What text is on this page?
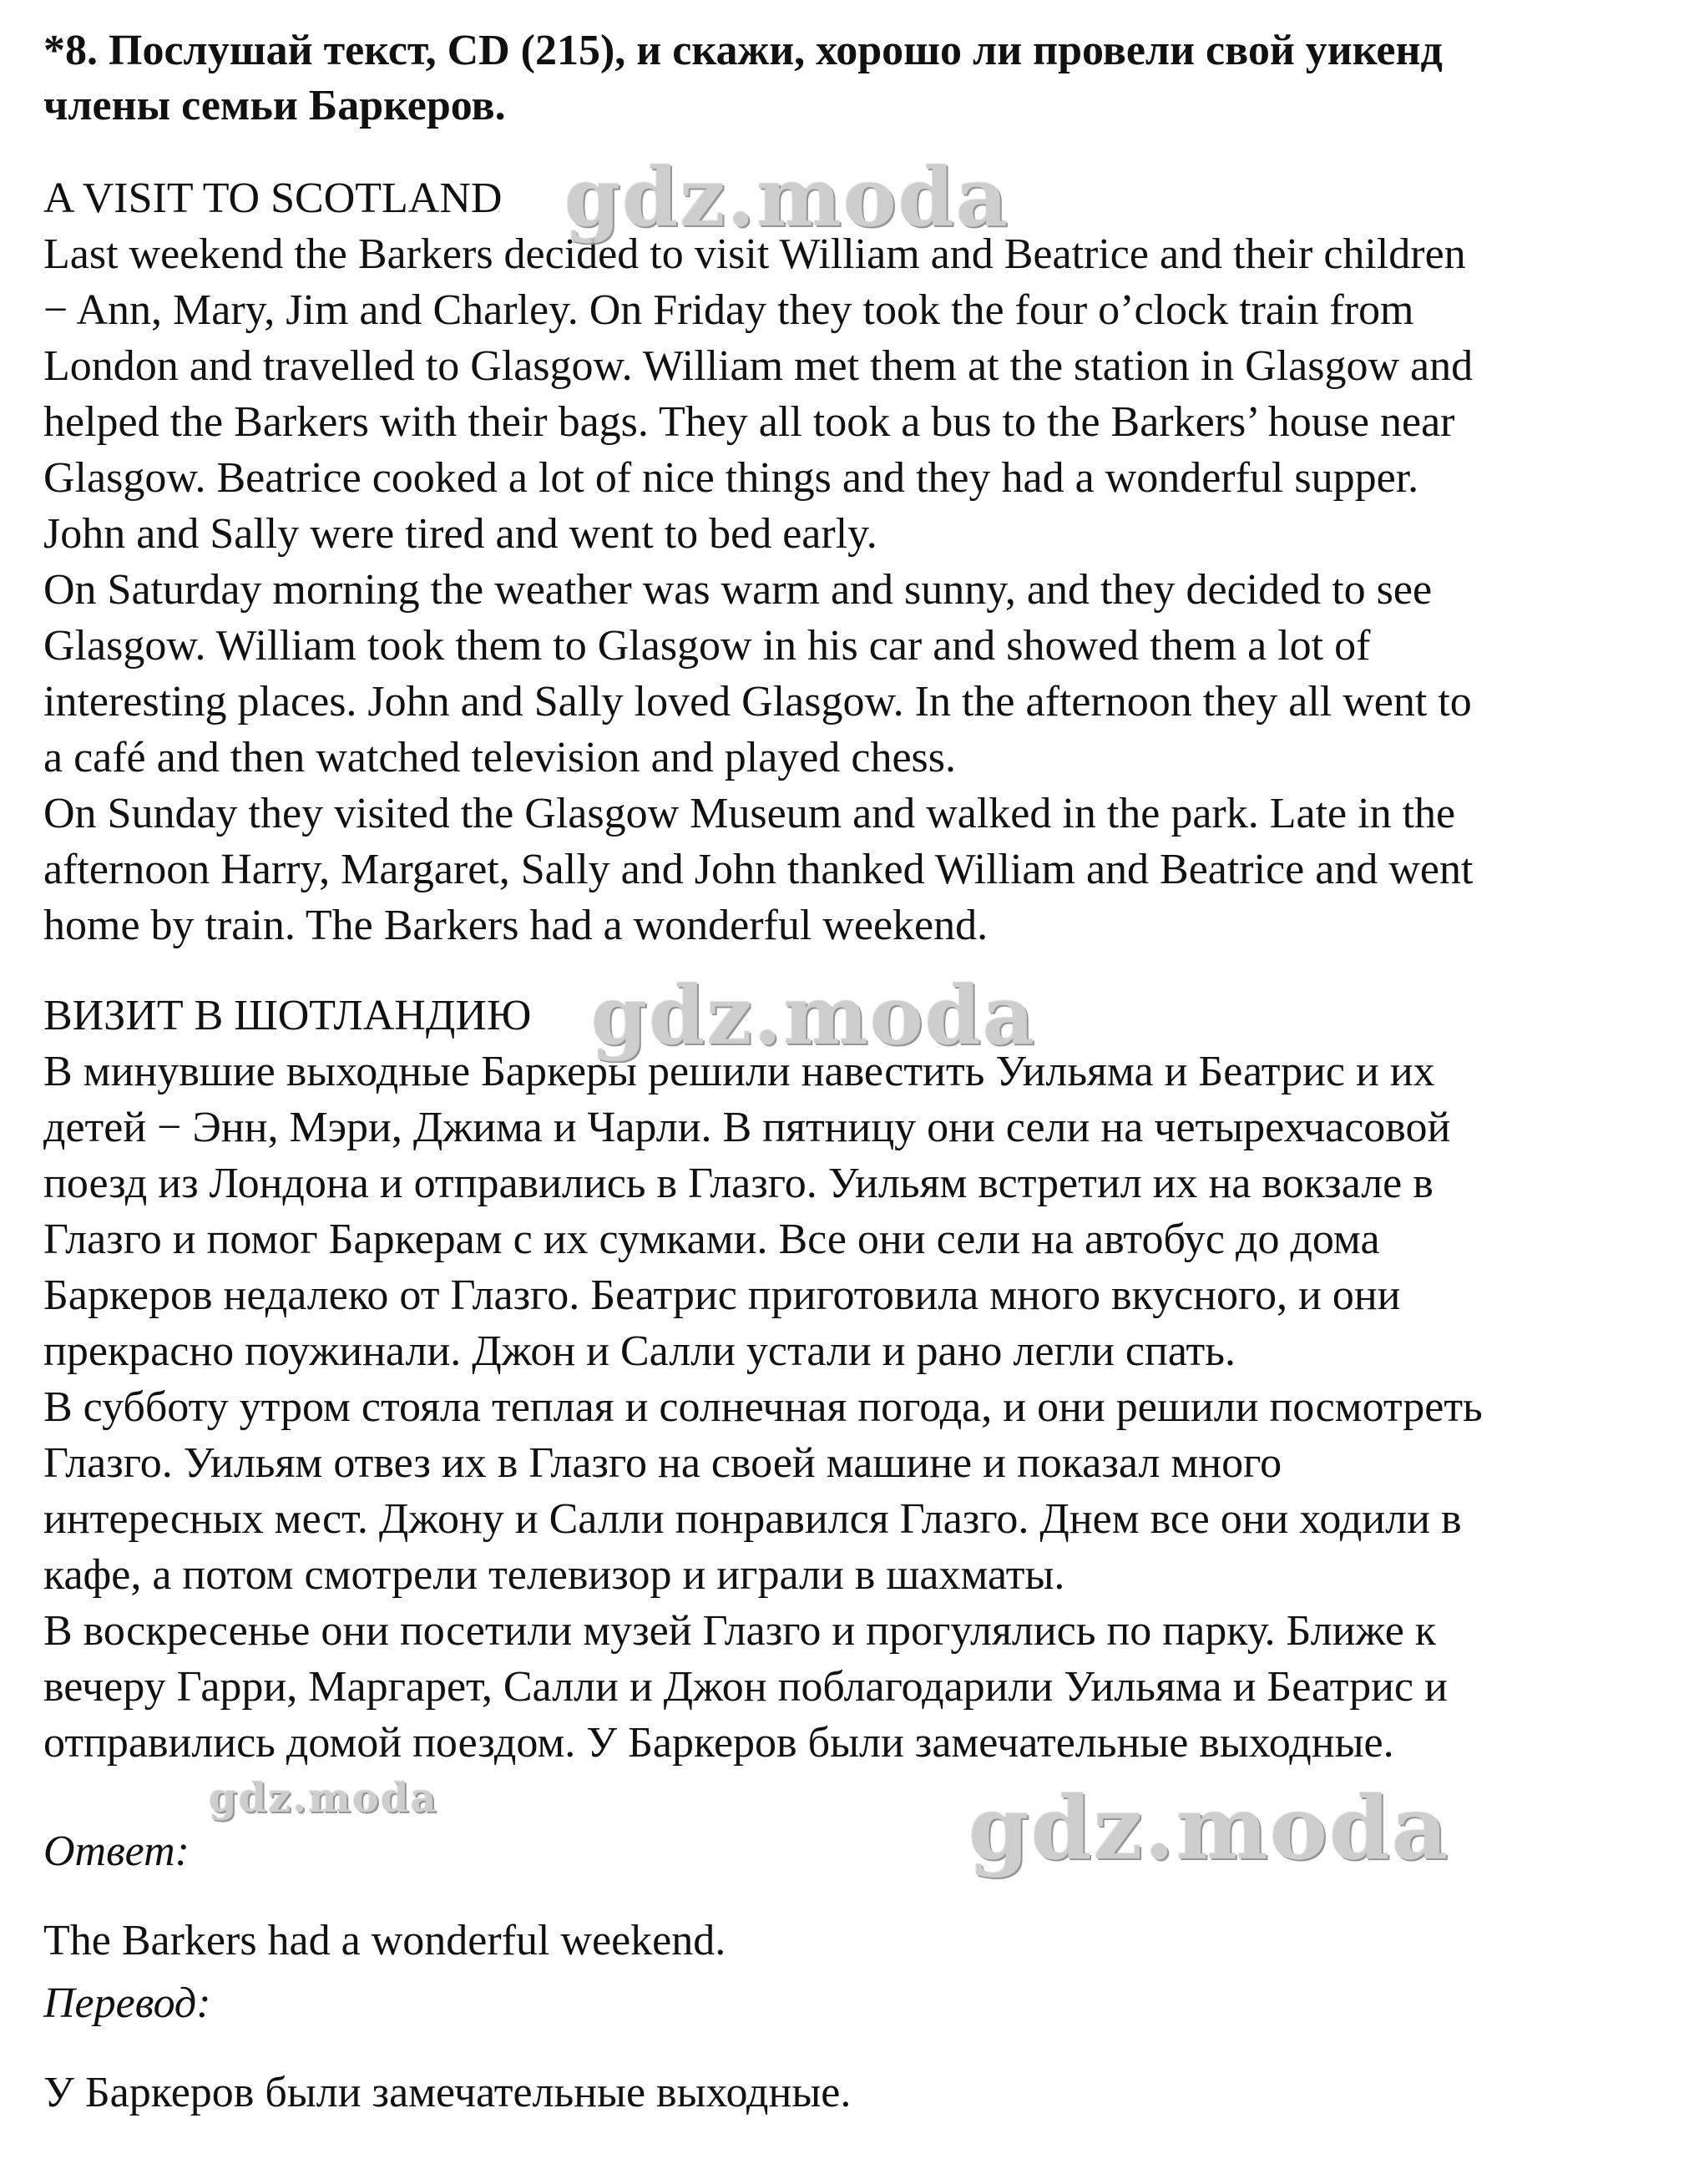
*8. Послушай текст, CD (215), и скажи, хорошо ли провели свой уикенд
члены семьи Баркеров.
A VISIT TO SCOTLAND
Last weekend the Barkers decided to visit William and Beatrice and their children
− Ann, Mary, Jim and Charley. On Friday they took the four o’clock train from
London and travelled to Glasgow. William met them at the station in Glasgow and
helped the Barkers with their bags. They all took a bus to the Barkers’ house near
Glasgow. Beatrice cooked a lot of nice things and they had a wonderful supper.
John and Sally were tired and went to bed early.
On Saturday morning the weather was warm and sunny, and they decided to see
Glasgow. William took them to Glasgow in his car and showed them a lot of
interesting places. John and Sally loved Glasgow. In the afternoon they all went to
a café and then watched television and played chess.
On Sunday they visited the Glasgow Museum and walked in the park. Late in the
afternoon Harry, Margaret, Sally and John thanked William and Beatrice and went
home by train. The Barkers had a wonderful weekend.
ВИЗИТ В ШОТЛАНДИЮ
В минувшие выходные Баркеры решили навестить Уильяма и Беатрис и их
детей − Энн, Мэри, Джима и Чарли. В пятницу они сели на четырехчасовой
поезд из Лондона и отправились в Глазго. Уильям встретил их на вокзале в
Глазго и помог Баркерам с их сумками. Все они сели на автобус до дома
Баркеров недалеко от Глазго. Беатрис приготовила много вкусного, и они
прекрасно поужинали. Джон и Салли устали и рано легли спать.
В субботу утром стояла теплая и солнечная погода, и они решили посмотреть
Глазго. Уильям отвез их в Глазго на своей машине и показал много
интересных мест. Джону и Салли понравился Глазго. Днем все они ходили в
кафе, а потом смотрели телевизор и играли в шахматы.
В воскресенье они посетили музей Глазго и прогулялись по парку. Ближе к
вечеру Гарри, Маргарет, Салли и Джон поблагодарили Уильяма и Беатрис и
отправились домой поездом. У Баркеров были замечательные выходные.
Ответ:
The Barkers had a wonderful weekend.
Перевод:
У Баркеров были замечательные выходные.
gdz.moda
gdz.moda
gdz.moda	gdz.moda
